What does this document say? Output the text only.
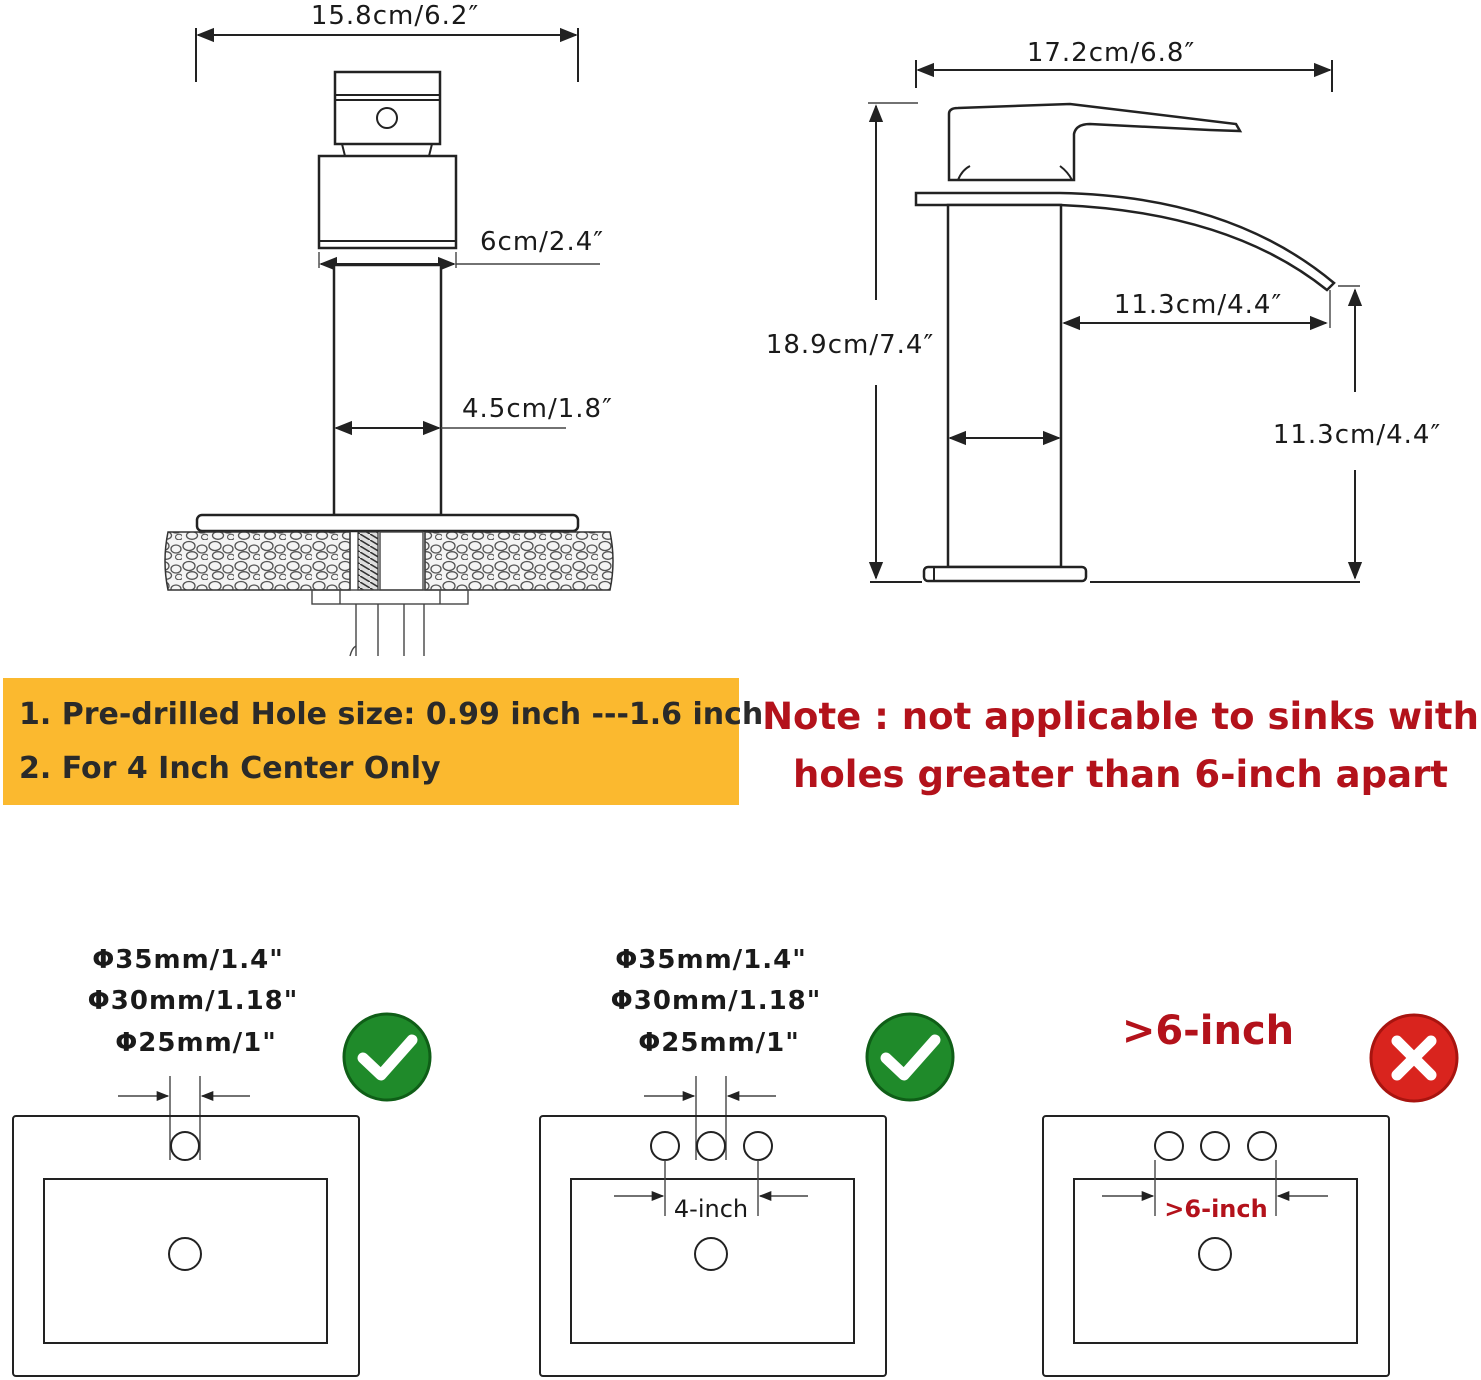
15.8cm/6.2″
6cm/2.4″
4.5cm/1.8″
17.2cm/6.8″
18.9cm/7.4″
11.3cm/4.4″
11.3cm/4.4″
Φ35mm/1.4"
Φ30mm/1.18"
Φ25mm/1"
Φ35mm/1.4"
Φ30mm/1.18"
Φ25mm/1"
4-inch
>6-inch
>6-inch
1. Pre-drilled Hole size: 0.99 inch ---1.6 inch
2. For 4 Inch Center Only
Note : not applicable to sinks with
holes greater than 6-inch apart
